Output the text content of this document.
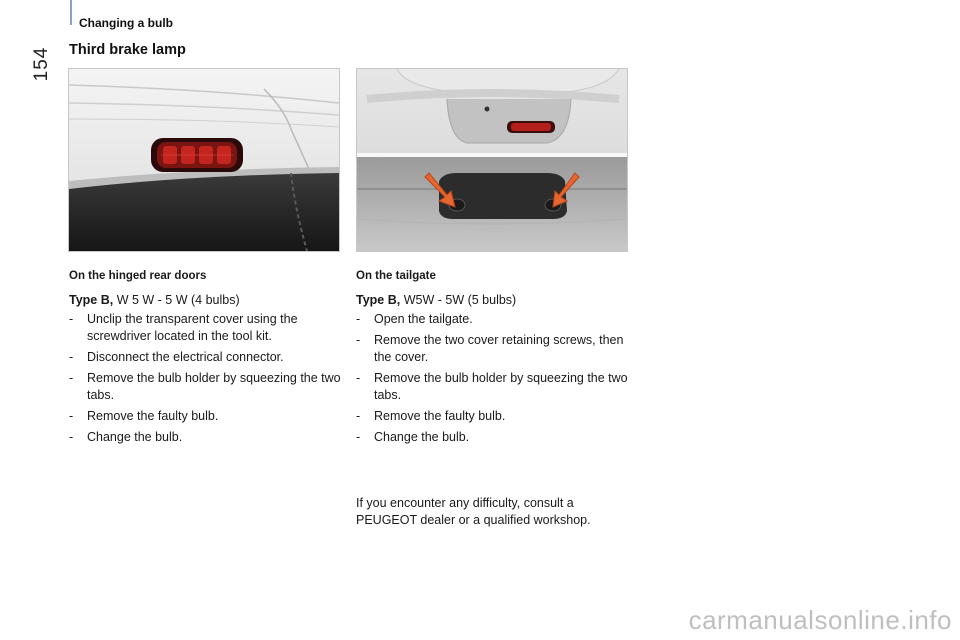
Changing a bulb
154 Third brake lamp
On the hinged rear doors
Type B, W 5 W - 5 W (4 bulbs)
- Unclip the transparent cover using the screwdriver located in the tool kit.
- Disconnect the electrical connector.
- Remove the bulb holder by squeezing the two tabs.
- Remove the faulty bulb.
- Change the bulb.
On the tailgate
Type B, W5W - 5W (5 bulbs)
- Open the tailgate.
- Remove the two cover retaining screws, then the cover.
- Remove the bulb holder by squeezing the two tabs.
- Remove the faulty bulb.
- Change the bulb.
If you encounter any difficulty, consult a PEUGEOT dealer or a qualified workshop.
carmanualsonline.info
